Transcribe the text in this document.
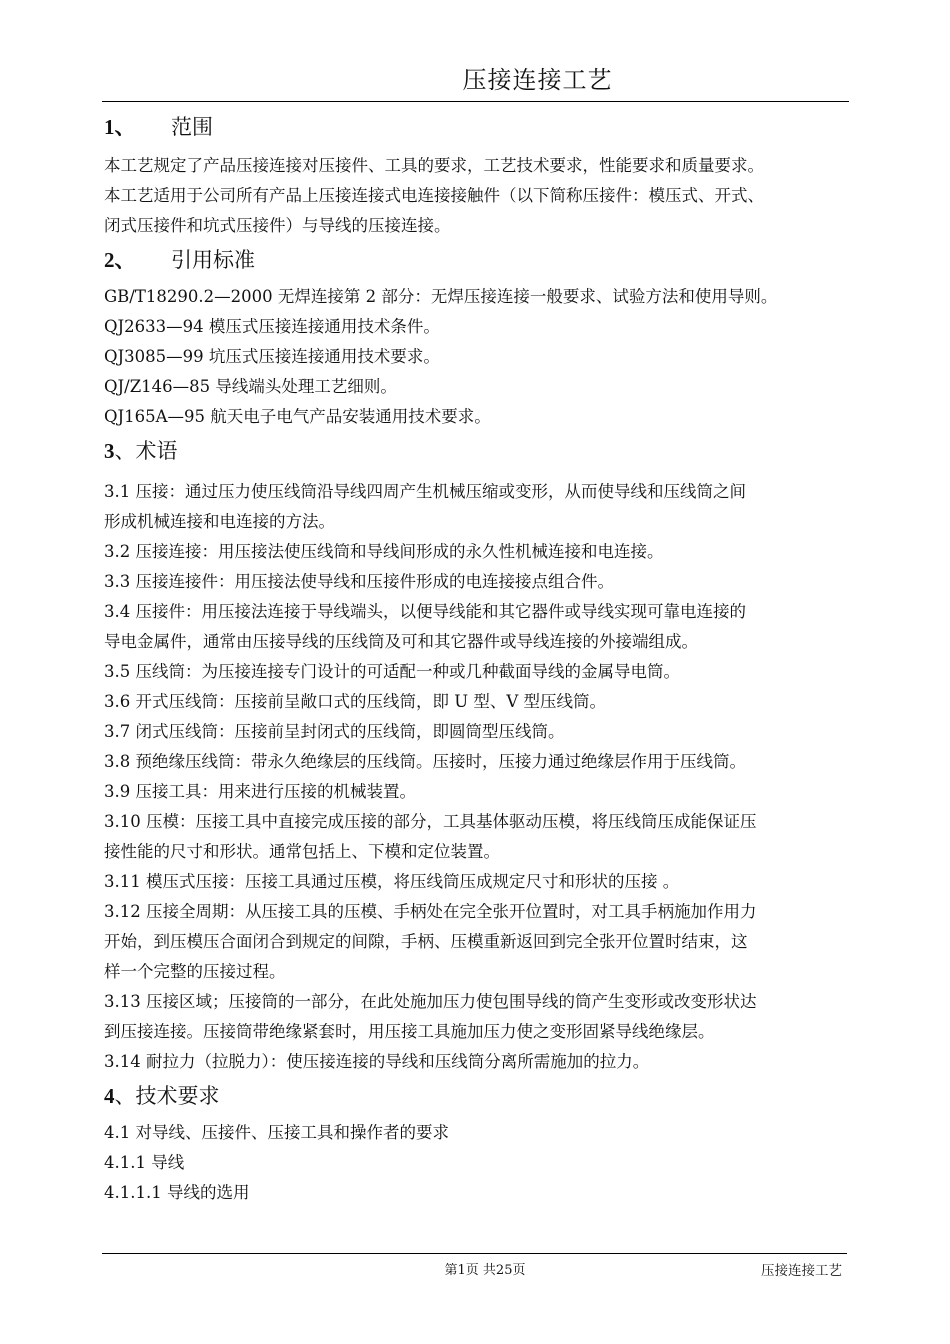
压接连接工艺
1、 范围
本工艺规定了产品压接连接对压接件、工具的要求，工艺技术要求，性能要求和质量要求。
本工艺适用于公司所有产品上压接连接式电连接接触件（以下简称压接件：模压式、开式、
闭式压接件和坑式压接件）与导线的压接连接。
2、 引用标准
GB/T18290.2—2000 无焊连接第 2 部分：无焊压接连接一般要求、试验方法和使用导则。
QJ2633—94 模压式压接连接通用技术条件。
QJ3085—99 坑压式压接连接通用技术要求。
QJ/Z146—85 导线端头处理工艺细则。
QJ165A—95 航天电子电气产品安装通用技术要求。
3、术语
3.1 压接：通过压力使压线筒沿导线四周产生机械压缩或变形，从而使导线和压线筒之间
形成机械连接和电连接的方法。
3.2 压接连接：用压接法使压线筒和导线间形成的永久性机械连接和电连接。
3.3 压接连接件：用压接法使导线和压接件形成的电连接接点组合件。
3.4 压接件：用压接法连接于导线端头，以便导线能和其它器件或导线实现可靠电连接的
导电金属件，通常由压接导线的压线筒及可和其它器件或导线连接的外接端组成。
3.5 压线筒：为压接连接专门设计的可适配一种或几种截面导线的金属导电筒。
3.6 开式压线筒：压接前呈敞口式的压线筒，即 U 型、V 型压线筒。
3.7 闭式压线筒：压接前呈封闭式的压线筒，即圆筒型压线筒。
3.8 预绝缘压线筒：带永久绝缘层的压线筒。压接时，压接力通过绝缘层作用于压线筒。
3.9 压接工具：用来进行压接的机械装置。
3.10 压模：压接工具中直接完成压接的部分，工具基体驱动压模，将压线筒压成能保证压
接性能的尺寸和形状。通常包括上、下模和定位装置。
3.11 模压式压接：压接工具通过压模，将压线筒压成规定尺寸和形状的压接 。
3.12 压接全周期：从压接工具的压模、手柄处在完全张开位置时，对工具手柄施加作用力
开始，到压模压合面闭合到规定的间隙，手柄、压模重新返回到完全张开位置时结束，这
样一个完整的压接过程。
3.13 压接区域；压接筒的一部分，在此处施加压力使包围导线的筒产生变形或改变形状达
到压接连接。压接筒带绝缘紧套时，用压接工具施加压力使之变形固紧导线绝缘层。
3.14 耐拉力（拉脱力）：使压接连接的导线和压线筒分离所需施加的拉力。
4、技术要求
4.1 对导线、压接件、压接工具和操作者的要求
4.1.1 导线
4.1.1.1 导线的选用
第1页 共25页	压接连接工艺
